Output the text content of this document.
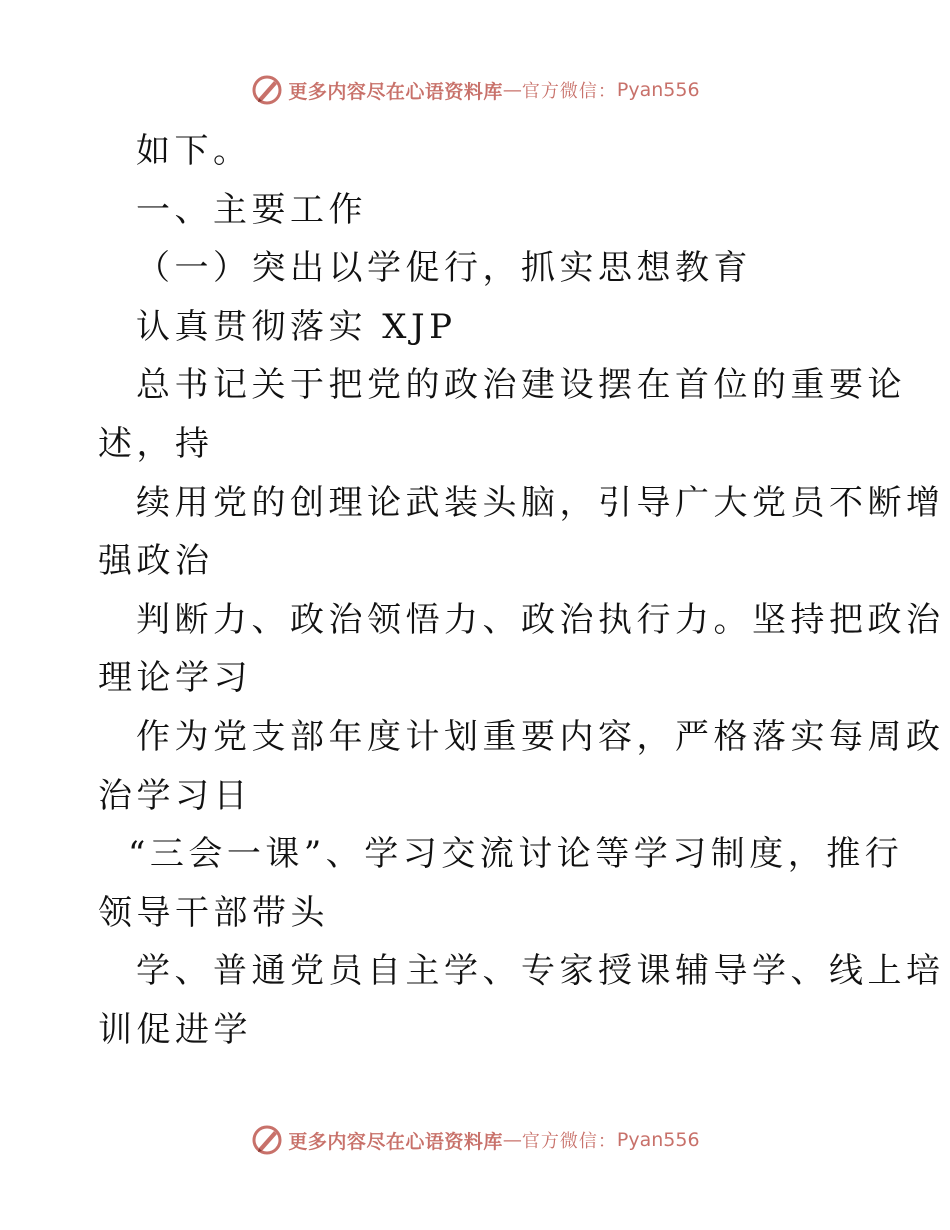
更多内容尽在心语资料库 — 官方微信： Pyan556
如下。
一、主要工作
（一）突出以学促行，抓实思想教育
认真贯彻落实 XJP
总书记关于把党的政治建设摆在首位的重要论
述，持
续用党的创理论武装头脑，引导广大党员不断增
强政治
判断力、政治领悟力、政治执行力。坚持把政治
理论学习
作为党支部年度计划重要内容，严格落实每周政
治学习日
“三会一课”、学习交流讨论等学习制度，推行
领导干部带头
学、普通党员自主学、专家授课辅导学、线上培
训促进学
更多内容尽在心语资料库 — 官方微信： Pyan556
